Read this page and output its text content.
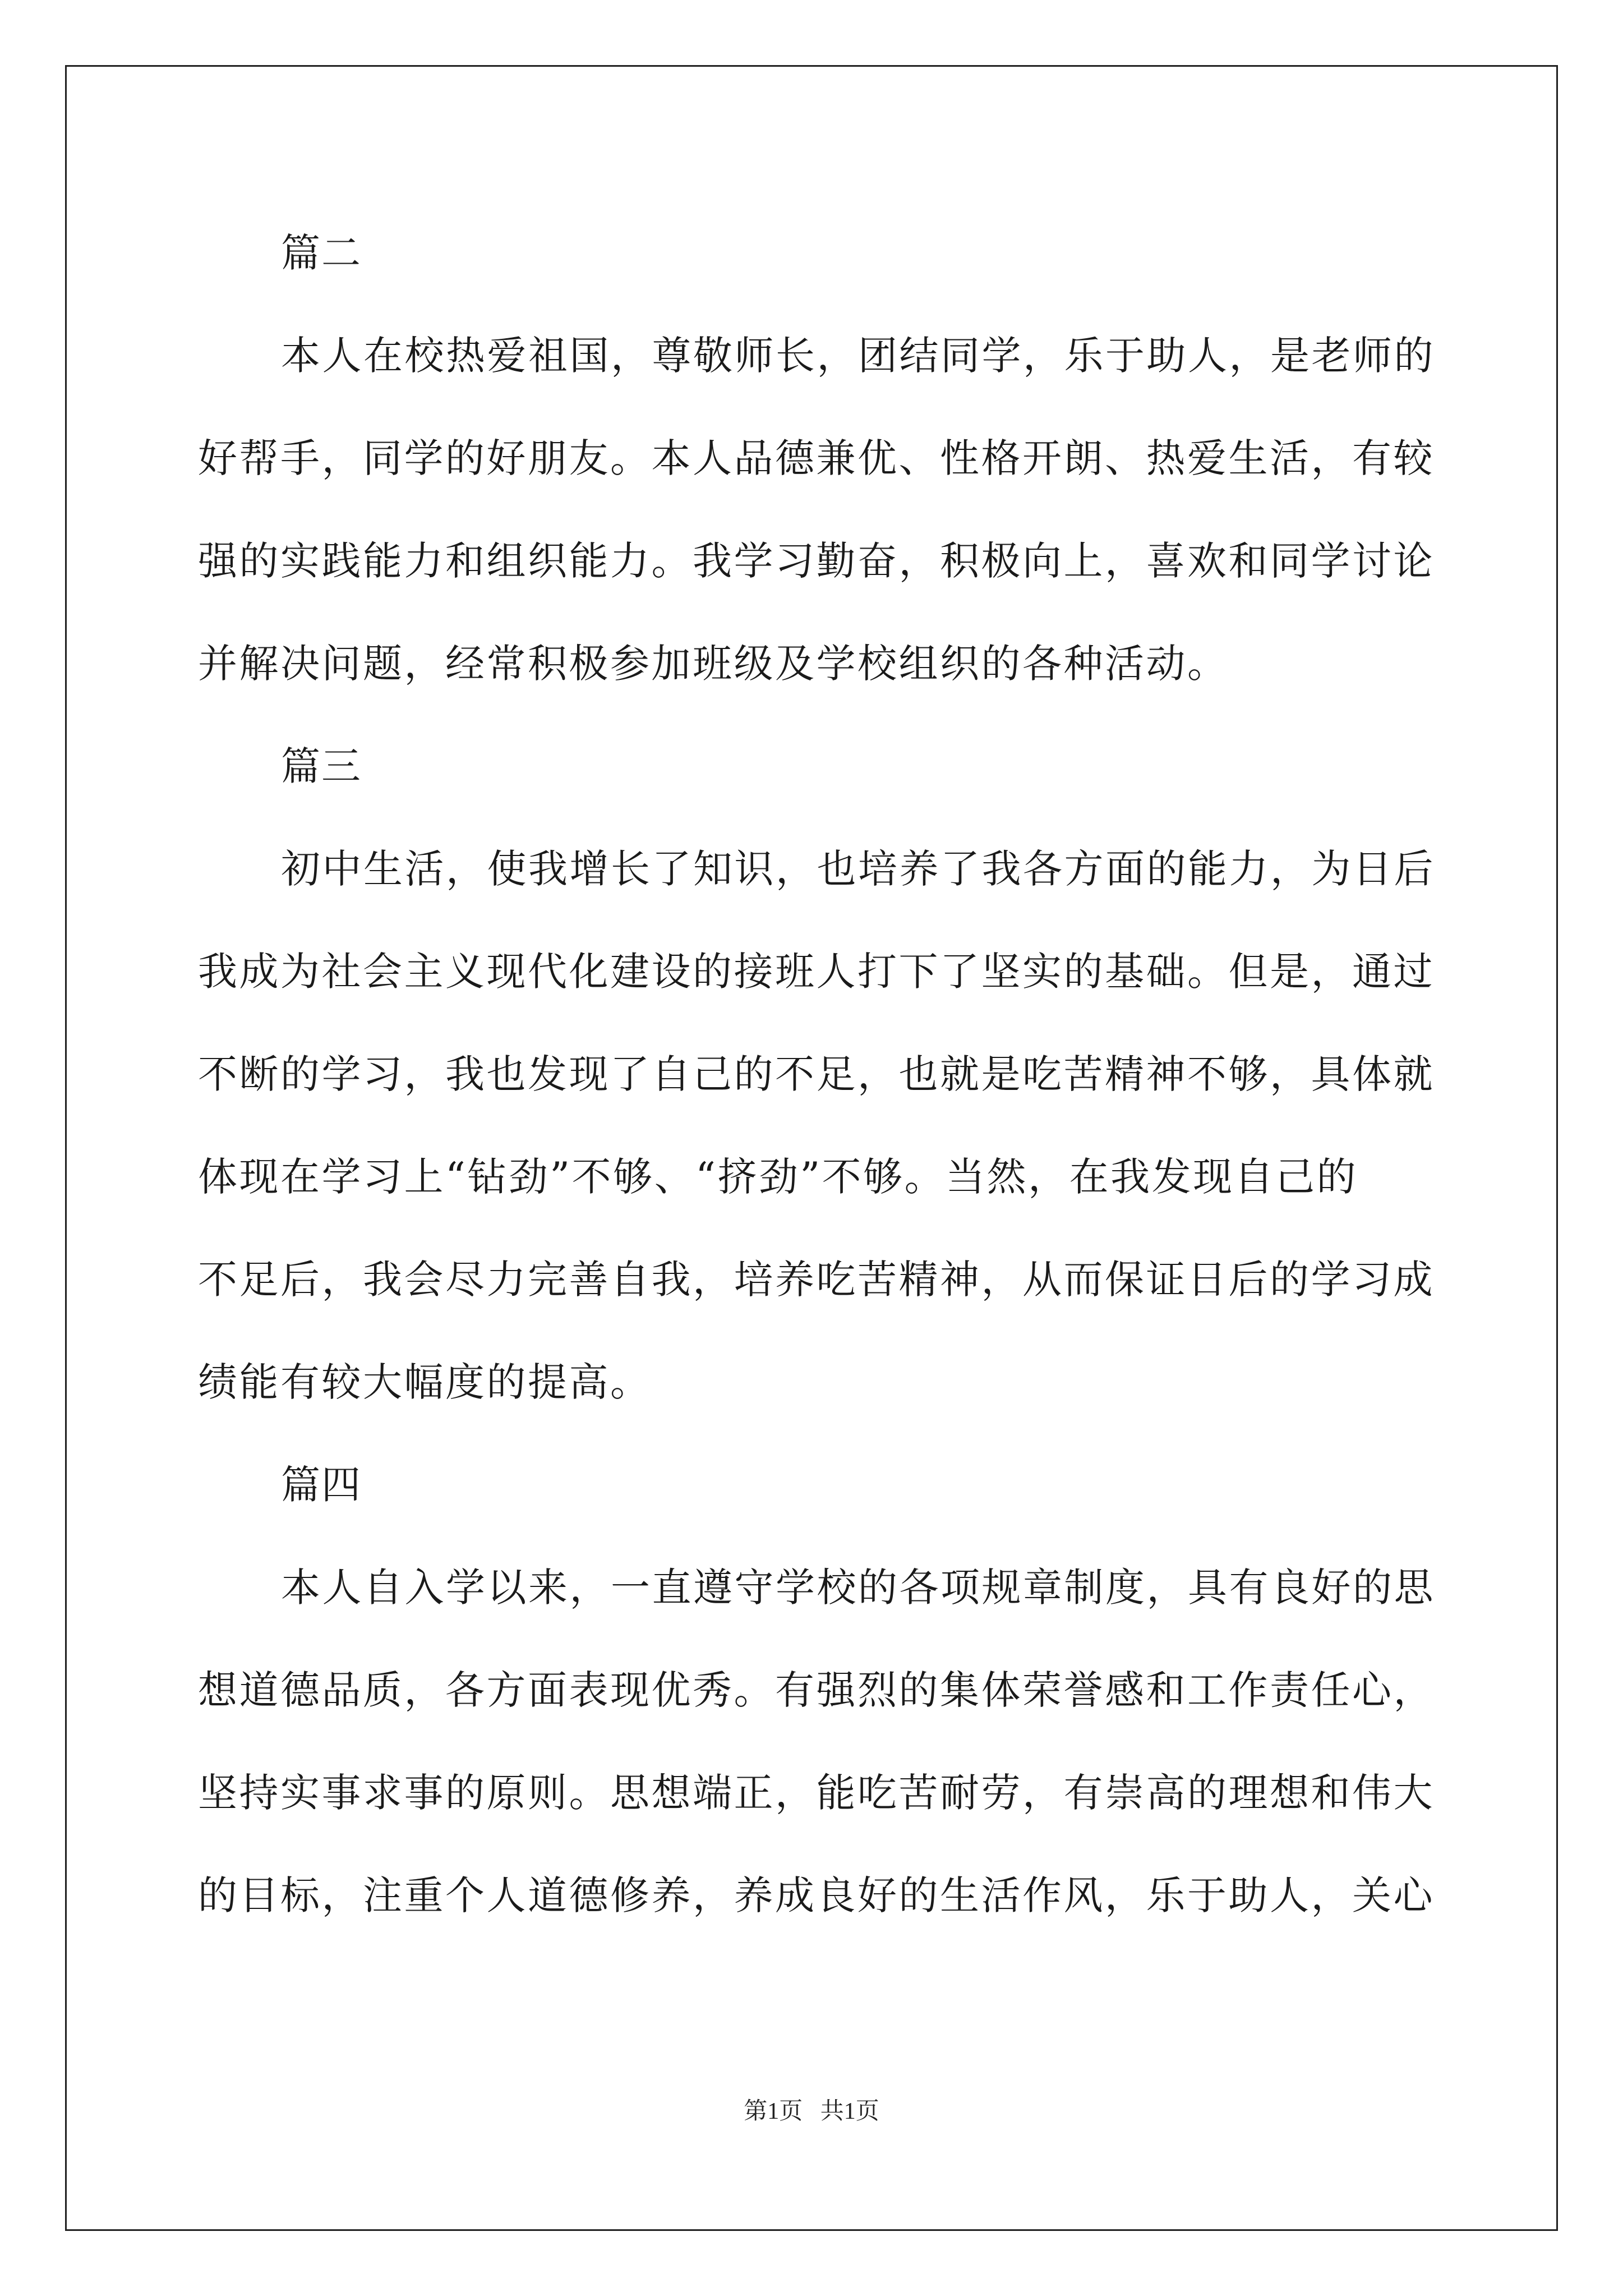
篇二

本人在校热爱祖国，尊敬师长，团结同学，乐于助人，是老师的
好帮手，同学的好朋友。本人品德兼优、性格开朗、热爱生活，有较
强的实践能力和组织能力。我学习勤奋，积极向上，喜欢和同学讨论
并解决问题，经常积极参加班级及学校组织的各种活动。

篇三

初中生活，使我增长了知识，也培养了我各方面的能力，为日后
我成为社会主义现代化建设的接班人打下了坚实的基础。但是，通过
不断的学习，我也发现了自己的不足，也就是吃苦精神不够，具体就
体现在学习上“钻劲”不够、“挤劲”不够。当然，在我发现自己的
不足后，我会尽力完善自我，培养吃苦精神，从而保证日后的学习成
绩能有较大幅度的提高。

篇四

本人自入学以来，一直遵守学校的各项规章制度，具有良好的思
想道德品质，各方面表现优秀。有强烈的集体荣誉感和工作责任心，
坚持实事求事的原则。思想端正，能吃苦耐劳，有崇高的理想和伟大
的目标，注重个人道德修养，养成良好的生活作风，乐于助人，关心

第1页   共1页
